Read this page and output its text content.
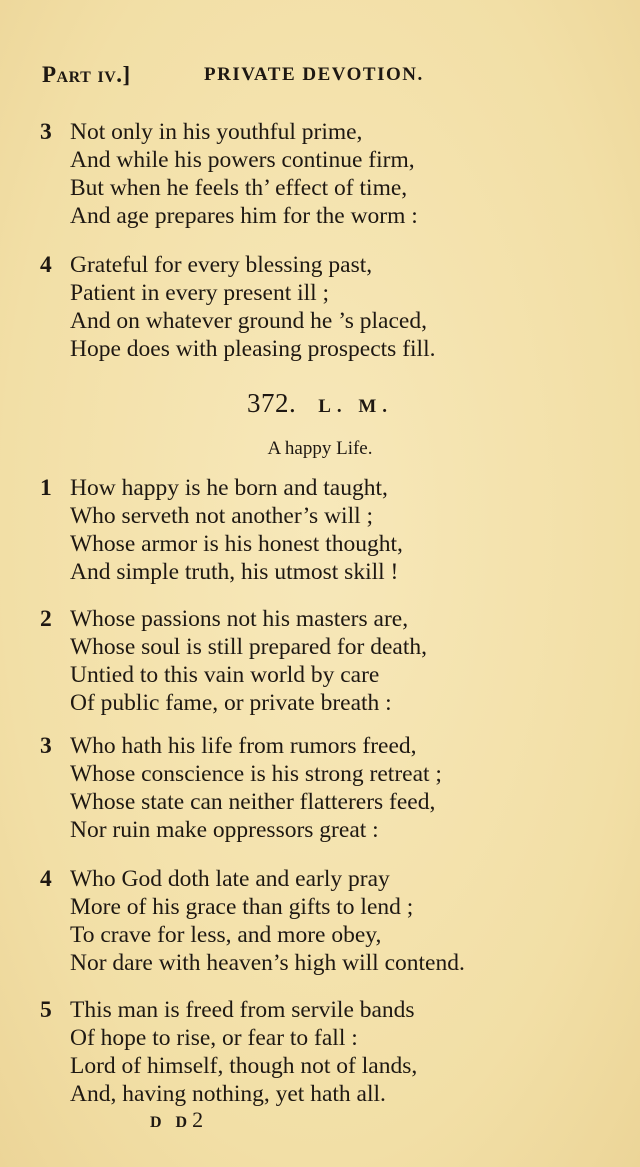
Part iv.]	PRIVATE DEVOTION.
3 Not only in his youthful prime,
And while his powers continue firm,
But when he feels th’ effect of time,
And age prepares him for the worm :
4 Grateful for every blessing past,
Patient in every present ill ;
And on whatever ground he ’s placed,
Hope does with pleasing prospects fill.
372. L. M.
A happy Life.
1 How happy is he born and taught,
Who serveth not another’s will ;
Whose armor is his honest thought,
And simple truth, his utmost skill !
2 Whose passions not his masters are,
Whose soul is still prepared for death,
Untied to this vain world by care
Of public fame, or private breath :
3 Who hath his life from rumors freed,
Whose conscience is his strong retreat ;
Whose state can neither flatterers feed,
Nor ruin make oppressors great :
4 Who God doth late and early pray
More of his grace than gifts to lend ;
To crave for less, and more obey,
Nor dare with heaven’s high will contend.
5 This man is freed from servile bands
Of hope to rise, or fear to fall :
Lord of himself, though not of lands,
And, having nothing, yet hath all.
D D2
